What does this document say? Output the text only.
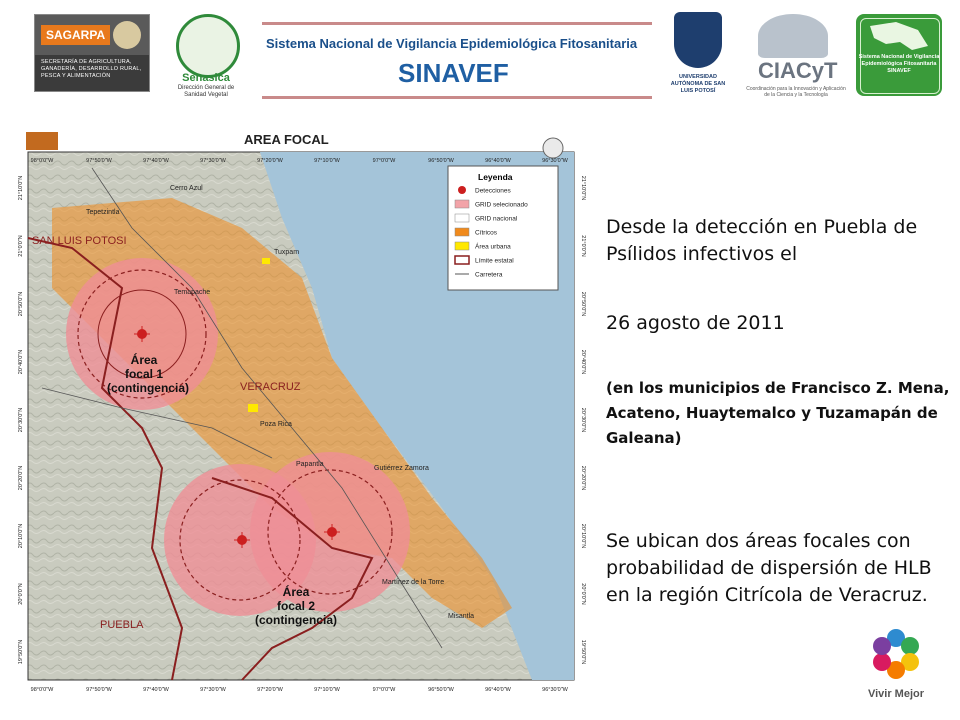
SAGARPA
SECRETARÍA DE AGRICULTURA, GANADERÍA, DESARROLLO RURAL, PESCA Y ALIMENTACIÓN	Senasica
Dirección General de Sanidad Vegetal
Sistema Nacional de Vigilancia Epidemiológica Fitosanitaria
SINAVEF	UNIVERSIDAD AUTÓNOMA DE SAN LUIS POTOSÍ
CIACyT
Coordinación para la Innovación y Aplicación de la Ciencia y la Tecnología
Sistema Nacional de Vigilancia Epidemiológica Fitosanitaria SINAVEF
AREA FOCAL
Leyenda
Detecciones
GRID selecionado
GRID nacional
Cítricos
Área urbana
Límite estatal
Carretera
98°0'0"W	97°50'0"W	97°40'0"W	97°30'0"W	97°20'0"W	97°10'0"W	97°0'0"W	96°50'0"W	96°40'0"W	96°30'0"W
98°0'0"W	97°50'0"W	97°40'0"W	97°30'0"W	97°20'0"W	97°10'0"W	97°0'0"W	96°50'0"W	96°40'0"W	96°30'0"W
21°10'0"N
21°0'0"N
20°50'0"N
20°40'0"N
20°30'0"N
20°20'0"N
20°10'0"N
20°0'0"N
19°50'0"N
21°10'0"N
21°0'0"N
20°50'0"N
20°40'0"N
20°30'0"N
20°20'0"N
20°10'0"N
20°0'0"N
19°50'0"N
Cerro Azul
Tepetzintla
Tuxpam
Temapache
Poza Rica
Papantla
Gutiérrez Zamora
Martínez de la Torre
Misantla
SAN LUIS POTOSI
VERACRUZ
PUEBLA
Área
focal 1
(contingencia)
Área
focal 2
(contingencia)
Desde la detección en Puebla de Psílidos infectivos el
26 agosto de 2011
(en los municipios de Francisco Z. Mena, Acateno, Huaytemalco y Tuzamapán de Galeana)
Se ubican dos áreas focales con probabilidad de dispersión de HLB en la región Citrícola de Veracruz.
Vivir Mejor
